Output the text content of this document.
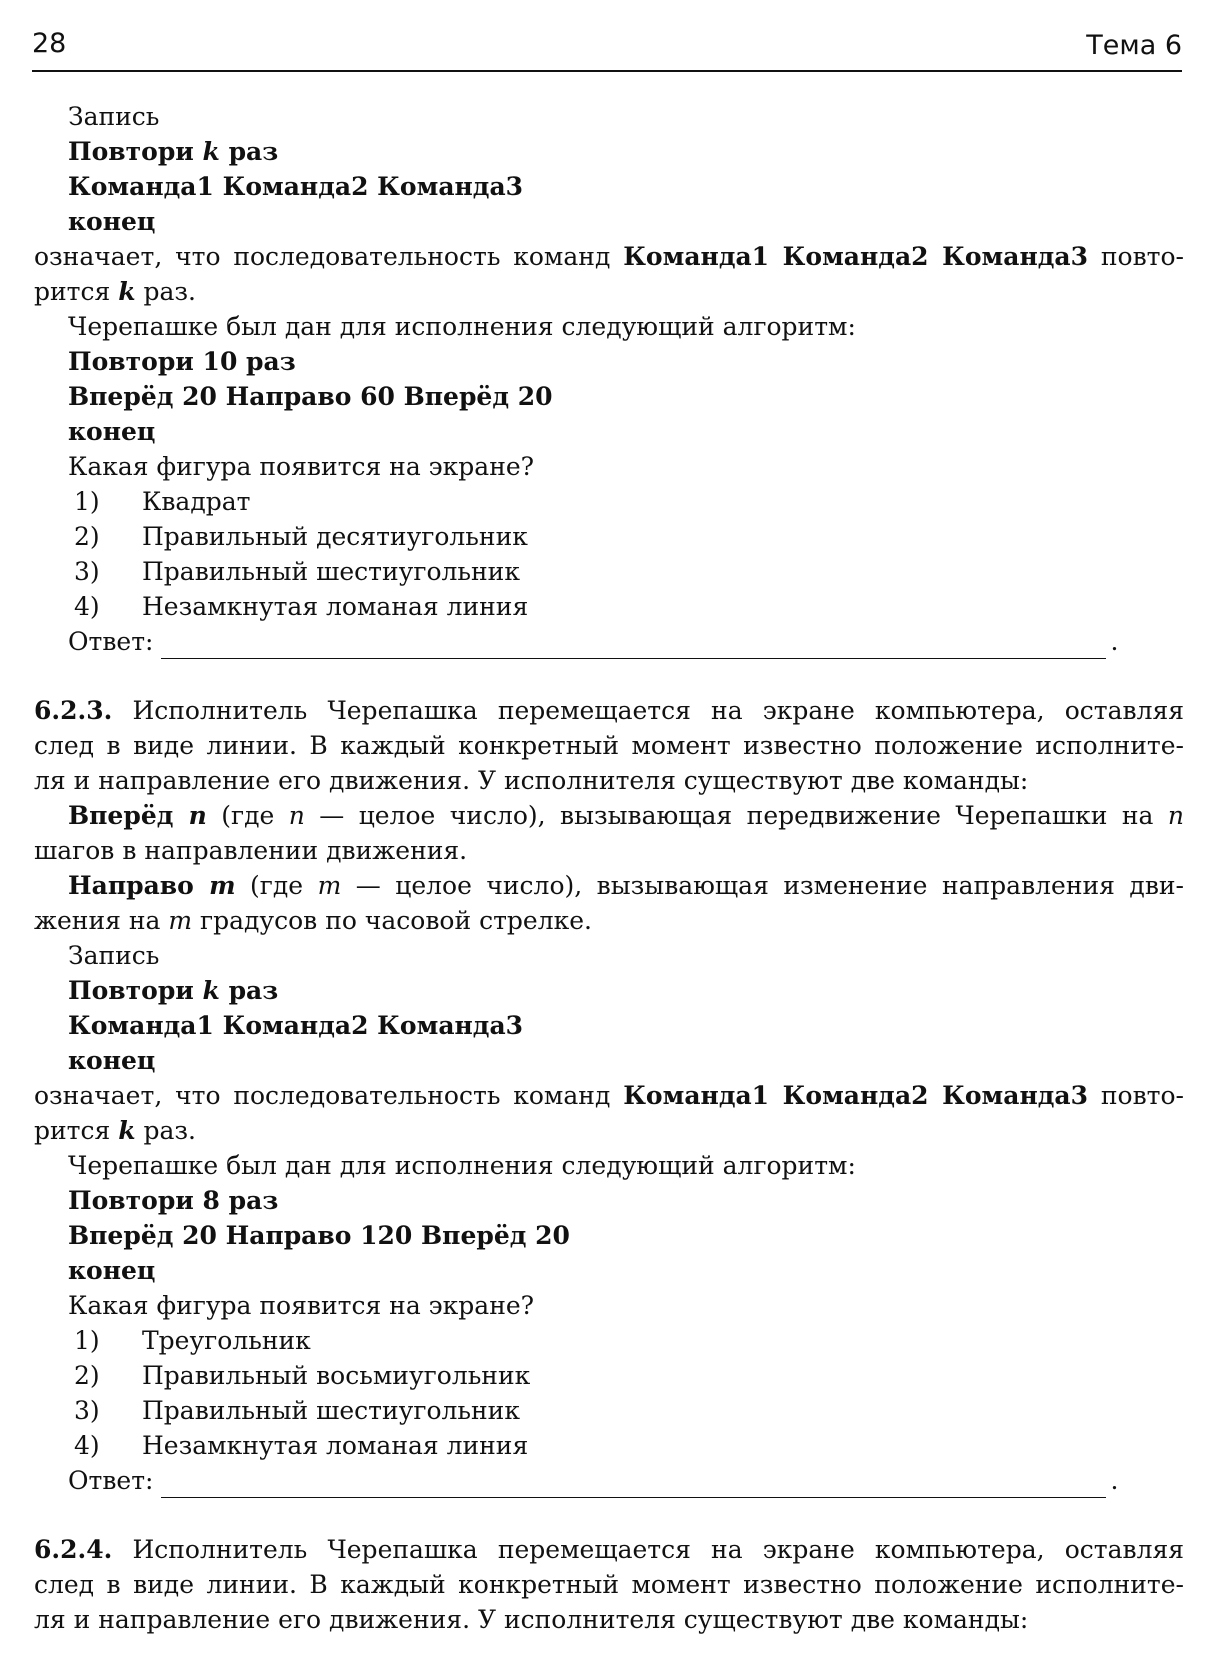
28	Тема 6
Запись
Повтори k раз
Команда1 Команда2 Команда3
конец
означает, что последовательность команд Команда1 Команда2 Команда3 повто-
рится k раз.
Черепашке был дан для исполнения следующий алгоритм:
Повтори 10 раз
Вперёд 20 Направо 60 Вперёд 20
конец
Какая фигура появится на экране?
1)	Квадрат
2)	Правильный десятиугольник
3)	Правильный шестиугольник
4)	Незамкнутая ломаная линия
Ответ:	.
6.2.3. Исполнитель Черепашка перемещается на экране компьютера, оставляя
след в виде линии. В каждый конкретный момент известно положение исполните-
ля и направление его движения. У исполнителя существуют две команды:
Вперёд n (где n — целое число), вызывающая передвижение Черепашки на n
шагов в направлении движения.
Направо m (где m — целое число), вызывающая изменение направления дви-
жения на m градусов по часовой стрелке.
Запись
Повтори k раз
Команда1 Команда2 Команда3
конец
означает, что последовательность команд Команда1 Команда2 Команда3 повто-
рится k раз.
Черепашке был дан для исполнения следующий алгоритм:
Повтори 8 раз
Вперёд 20 Направо 120 Вперёд 20
конец
Какая фигура появится на экране?
1)	Треугольник
2)	Правильный восьмиугольник
3)	Правильный шестиугольник
4)	Незамкнутая ломаная линия
Ответ:	.
6.2.4. Исполнитель Черепашка перемещается на экране компьютера, оставляя
след в виде линии. В каждый конкретный момент известно положение исполните-
ля и направление его движения. У исполнителя существуют две команды:
